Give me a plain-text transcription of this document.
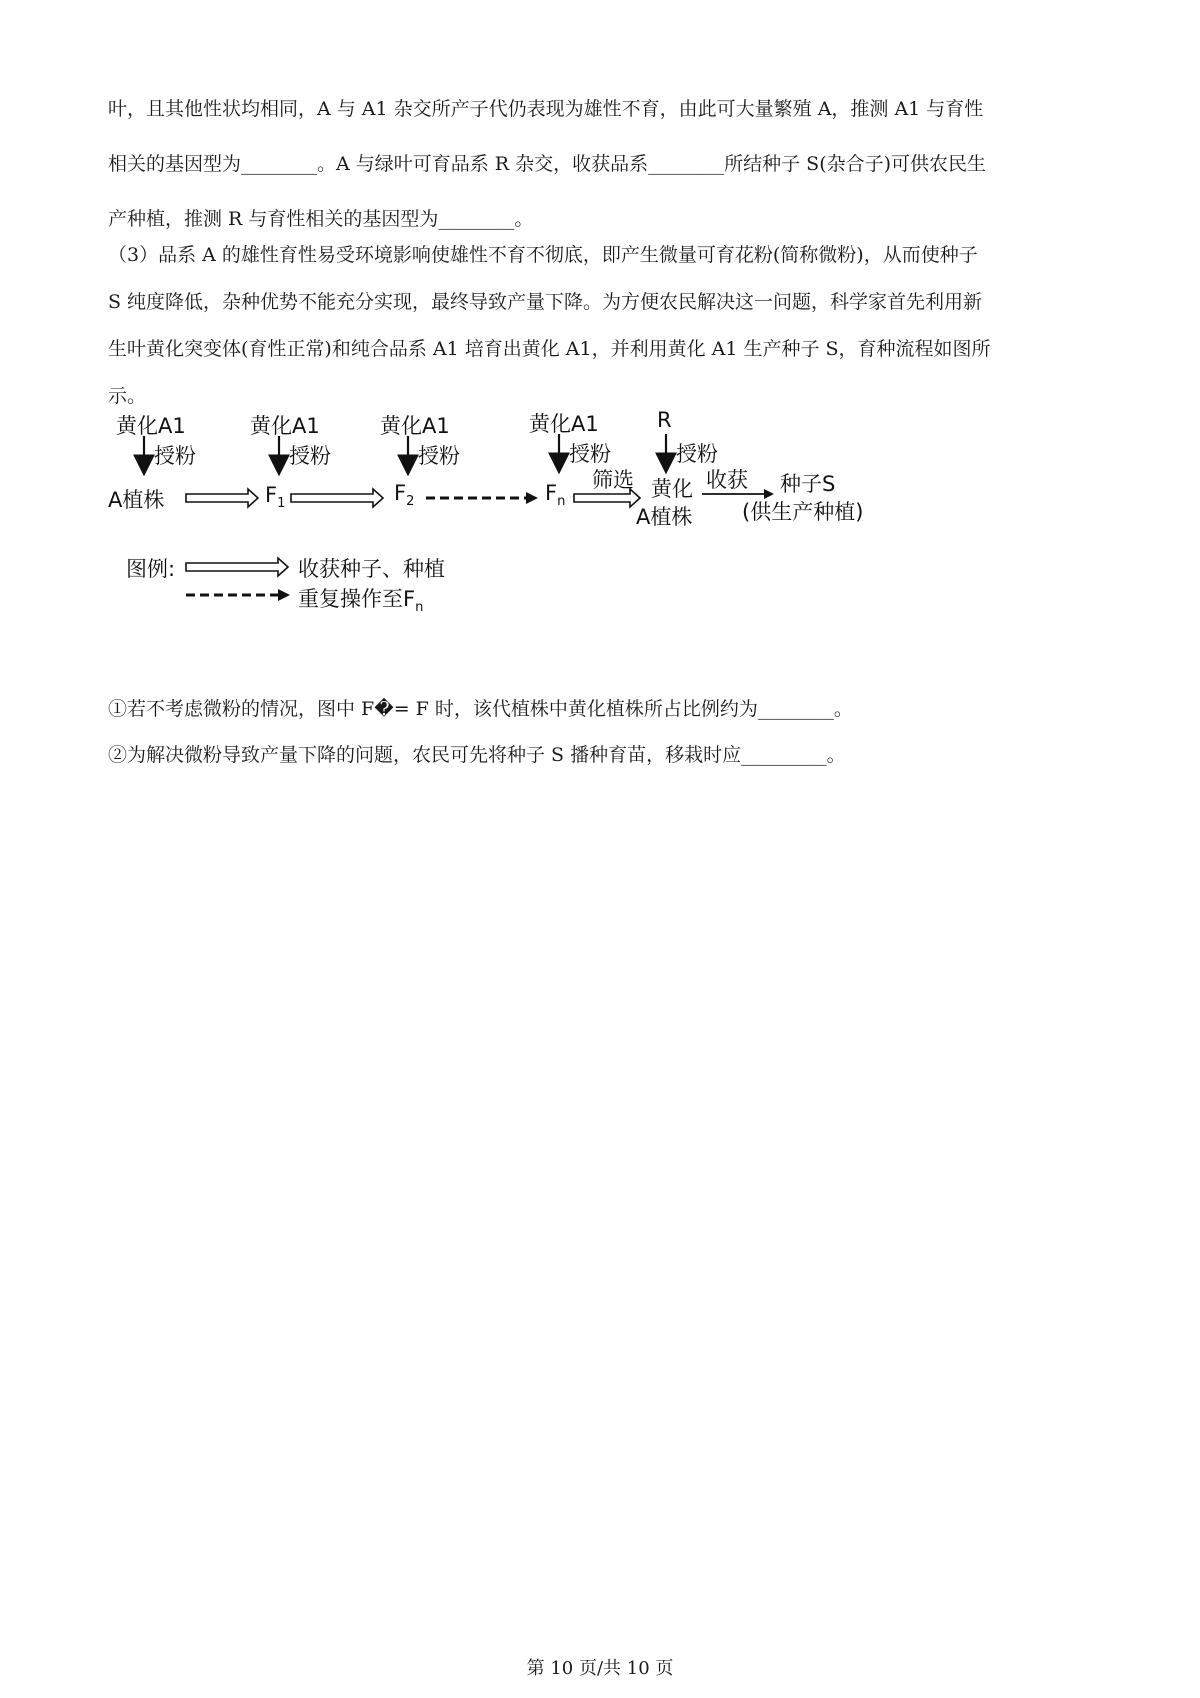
叶，且其他性状均相同，A 与 A1 杂交所产子代仍表现为雄性不育，由此可大量繁殖 A，推测 A1 与育性
相关的基因型为________。A 与绿叶可育品系 R 杂交，收获品系________所结种子 S(杂合子)可供农民生
产种植，推测 R 与育性相关的基因型为________。
（3）品系 A 的雄性育性易受环境影响使雄性不育不彻底，即产生微量可育花粉(简称微粉)，从而使种子
S 纯度降低，杂种优势不能充分实现，最终导致产量下降。为方便农民解决这一问题，科学家首先利用新
生叶黄化突变体(育性正常)和纯合品系 A1 培育出黄化 A1，并利用黄化 A1 生产种子 S，育种流程如图所
示。
黄化A1	黄化A1	黄化A1	黄化A1	R
授粉	授粉	授粉	授粉	授粉
A植株	$F_1$	$F_2$	$F_n$
筛选 黄化
A植株
收获 种子S
(供生产种植)
图例:	收获种子、种植
重复操作至$F_n$
①若不考虑微粉的情况，图中 F�= F 时，该代植株中黄化植株所占比例约为________。
②为解决微粉导致产量下降的问题，农民可先将种子 S 播种育苗，移栽时应_________。
第 10 页/共 10 页
